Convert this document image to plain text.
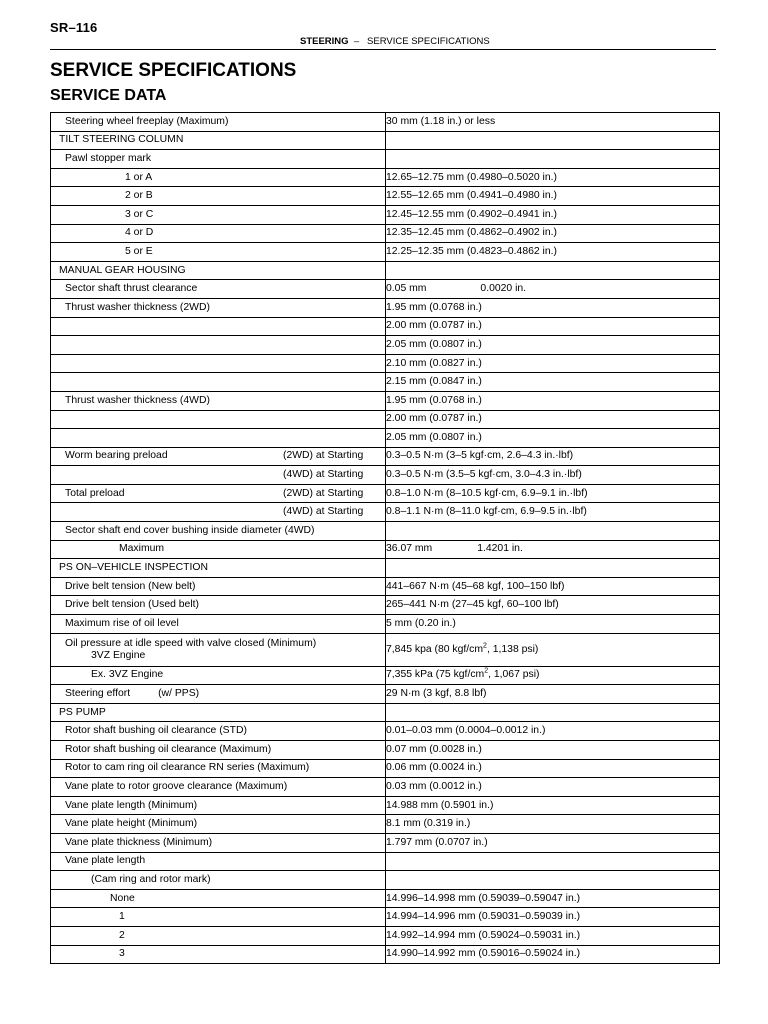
SR–116
STEERING  –   SERVICE SPECIFICATIONS
SERVICE SPECIFICATIONS
SERVICE DATA
Steering wheel freeplay (Maximum)	30 mm (1.18 in.) or less

TILT STEERING COLUMN	

Pawl stopper mark	

1 or A	12.65–12.75 mm (0.4980–0.5020 in.)

2 or B	12.55–12.65 mm (0.4941–0.4980 in.)

3 or C	12.45–12.55 mm (0.4902–0.4941 in.)

4 or D	12.35–12.45 mm (0.4862–0.4902 in.)

5 or E	12.25–12.35 mm (0.4823–0.4862 in.)

MANUAL GEAR HOUSING	

Sector shaft thrust clearance	0.05 mm 0.0020 in.

Thrust washer thickness (2WD)	1.95 mm (0.0768 in.)

	2.00 mm (0.0787 in.)

	2.05 mm (0.0807 in.)

	2.10 mm (0.0827 in.)

	2.15 mm (0.0847 in.)

Thrust washer thickness (4WD)	1.95 mm (0.0768 in.)

	2.00 mm (0.0787 in.)

	2.05 mm (0.0807 in.)

Worm bearing preload (2WD) at Starting	0.3–0.5 N·m (3–5 kgf·cm, 2.6–4.3 in.·lbf)

(4WD) at Starting	0.3–0.5 N·m (3.5–5 kgf·cm, 3.0–4.3 in.·lbf)

Total preload (2WD) at Starting	0.8–1.0 N·m (8–10.5 kgf·cm, 6.9–9.1 in.·lbf)

(4WD) at Starting	0.8–1.1 N·m (8–11.0 kgf·cm, 6.9–9.5 in.·lbf)

Sector shaft end cover bushing inside diameter (4WD)	

Maximum	36.07 mm 1.4201 in.

PS ON–VEHICLE INSPECTION	

Drive belt tension (New belt)	441–667 N·m (45–68 kgf, 100–150 lbf)

Drive belt tension (Used belt)	265–441 N·m (27–45 kgf, 60–100 lbf)

Maximum rise of oil level	5 mm (0.20 in.)

Oil pressure at idle speed with valve closed (Minimum)
3VZ Engine	7,845 kpa (80 kgf/$cm^2$, 1,138 psi)

Ex. 3VZ Engine	7,355 kPa (75 kgf/$cm^2$, 1,067 psi)

Steering effort (w/ PPS)	29 N·m (3 kgf, 8.8 lbf)

PS PUMP	

Rotor shaft bushing oil clearance (STD)	0.01–0.03 mm (0.0004–0.0012 in.)

Rotor shaft bushing oil clearance (Maximum)	0.07 mm (0.0028 in.)

Rotor to cam ring oil clearance RN series (Maximum)	0.06 mm (0.0024 in.)

Vane plate to rotor groove clearance (Maximum)	0.03 mm (0.0012 in.)

Vane plate length (Minimum)	14.988 mm (0.5901 in.)

Vane plate height (Minimum)	8.1 mm (0.319 in.)

Vane plate thickness (Minimum)	1.797 mm (0.0707 in.)

Vane plate length	

(Cam ring and rotor mark)	

None	14.996–14.998 mm (0.59039–0.59047 in.)

1	14.994–14.996 mm (0.59031–0.59039 in.)

2	14.992–14.994 mm (0.59024–0.59031 in.)

3	14.990–14.992 mm (0.59016–0.59024 in.)
